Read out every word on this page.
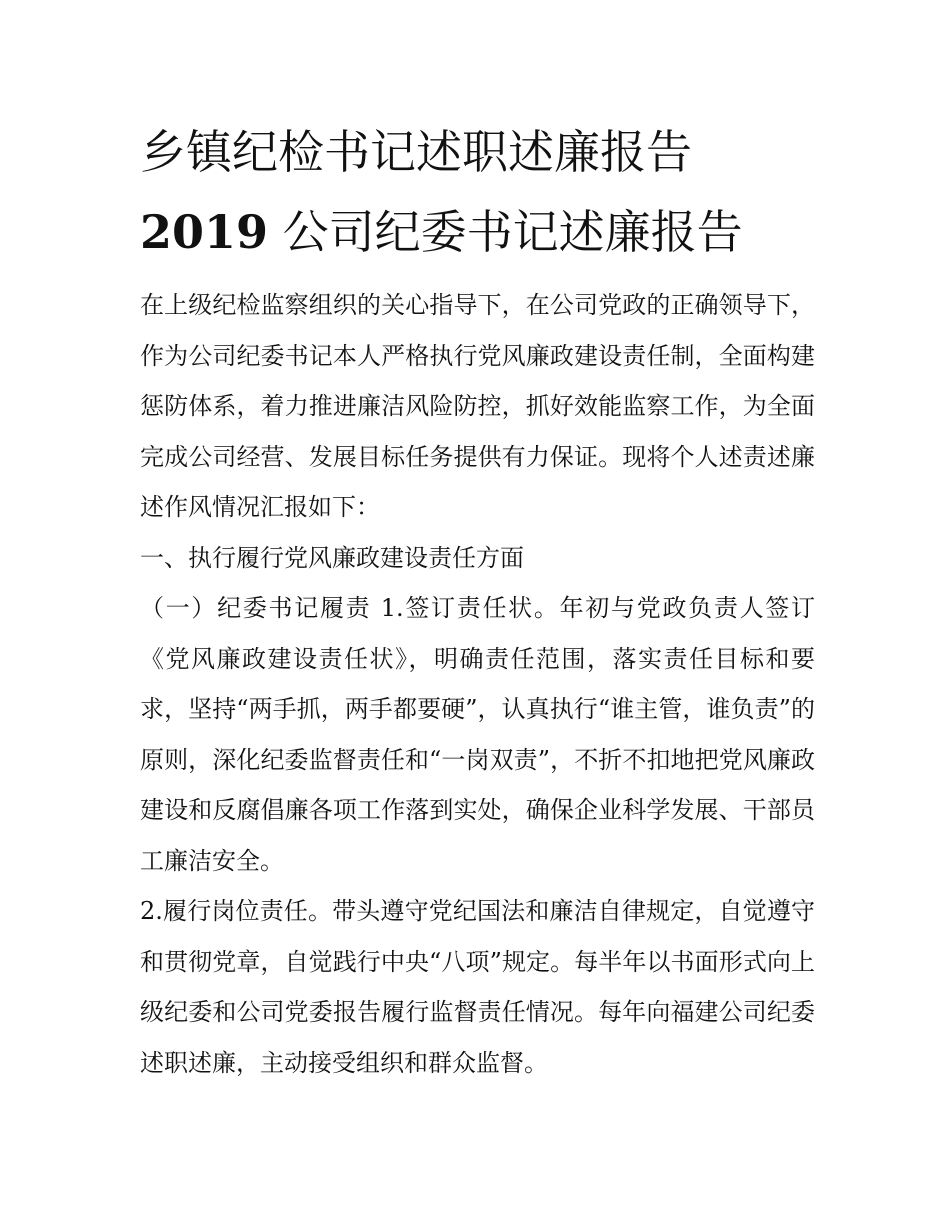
乡镇纪检书记述职述廉报告
2019 公司纪委书记述廉报告

在上级纪检监察组织的关心指导下，在公司党政的正确领导下，作为公司纪委书记本人严格执行党风廉政建设责任制，全面构建惩防体系，着力推进廉洁风险防控，抓好效能监察工作，为全面完成公司经营、发展目标任务提供有力保证。现将个人述责述廉述作风情况汇报如下：

一、执行履行党风廉政建设责任方面

（一）纪委书记履责 1.签订责任状。年初与党政负责人签订《党风廉政建设责任状》，明确责任范围，落实责任目标和要求，坚持“两手抓，两手都要硬”，认真执行“谁主管，谁负责”的原则，深化纪委监督责任和“一岗双责”，不折不扣地把党风廉政建设和反腐倡廉各项工作落到实处，确保企业科学发展、干部员工廉洁安全。

2.履行岗位责任。带头遵守党纪国法和廉洁自律规定，自觉遵守和贯彻党章，自觉践行中央“八项”规定。每半年以书面形式向上级纪委和公司党委报告履行监督责任情况。每年向福建公司纪委述职述廉，主动接受组织和群众监督。
